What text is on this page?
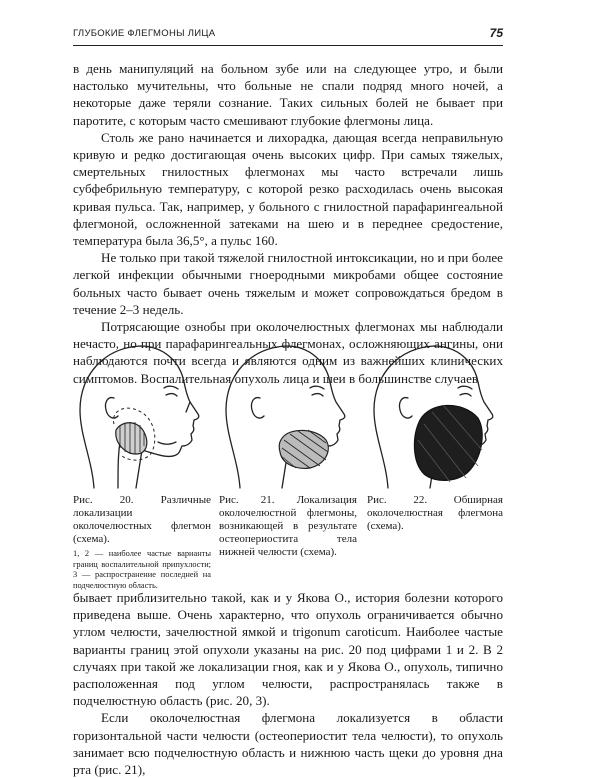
ГЛУБОКИЕ ФЛЕГМОНЫ ЛИЦА	75

в день манипуляций на больном зубе или на следующее утро, и были настолько мучительны, что больные не спали подряд много ночей, а некоторые даже теряли сознание. Таких сильных болей не бывает при паротите, с которым часто смешивают глубокие флегмоны лица.

Столь же рано начинается и лихорадка, дающая всегда неправильную кривую и редко достигающая очень высоких цифр. При самых тяжелых, смертельных гнилостных флегмонах мы часто встречали лишь субфебрильную температуру, с которой резко расходилась очень высокая кривая пульса. Так, например, у больного с гнилостной парафарингеальной флегмоной, осложненной затеками на шею и в переднее средостение, температура была 36,5°, а пульс 160.

Не только при такой тяжелой гнилостной интоксикации, но и при более легкой инфекции обычными гноеродными микробами общее состояние больных часто бывает очень тяжелым и может сопровождаться бредом в течение 2–3 недель.

Потрясающие ознобы при околочелюстных флегмонах мы наблюдали нечасто, но при парафарингеальных флегмонах, осложняющих ангины, они наблюдаются почти всегда и являются одним из важнейших клинических симптомов. Воспалительная опухоль лица и шеи в большинстве случаев

Рис. 20. Различные локализации околочелюстных флегмон (схема).
1, 2 — наиболее частые варианты границ воспалительной припухлости; 3 — распространение последней на подчелюстную область.
Рис. 21. Локализация околочелюстной флегмоны, возникающей в результате остеопериостита тела нижней челюсти (схема).
Рис. 22. Обширная околочелюстная флегмона (схема).

бывает приблизительно такой, как и у Якова О., история болезни которого приведена выше. Очень характерно, что опухоль ограничивается обычно углом челюсти, зачелюстной ямкой и trigonum caroticum. Наиболее частые варианты границ этой опухоли указаны на рис. 20 под цифрами 1 и 2. В 2 случаях при такой же локализации гноя, как и у Якова О., опухоль, типично расположенная под углом челюсти, распространялась также в подчелюстную область (рис. 20, 3).

Если околочелюстная флегмона локализуется в области горизонтальной части челюсти (остеопериостит тела челюсти), то опухоль занимает всю подчелюстную область и нижнюю часть щеки до уровня дна рта (рис. 21),
